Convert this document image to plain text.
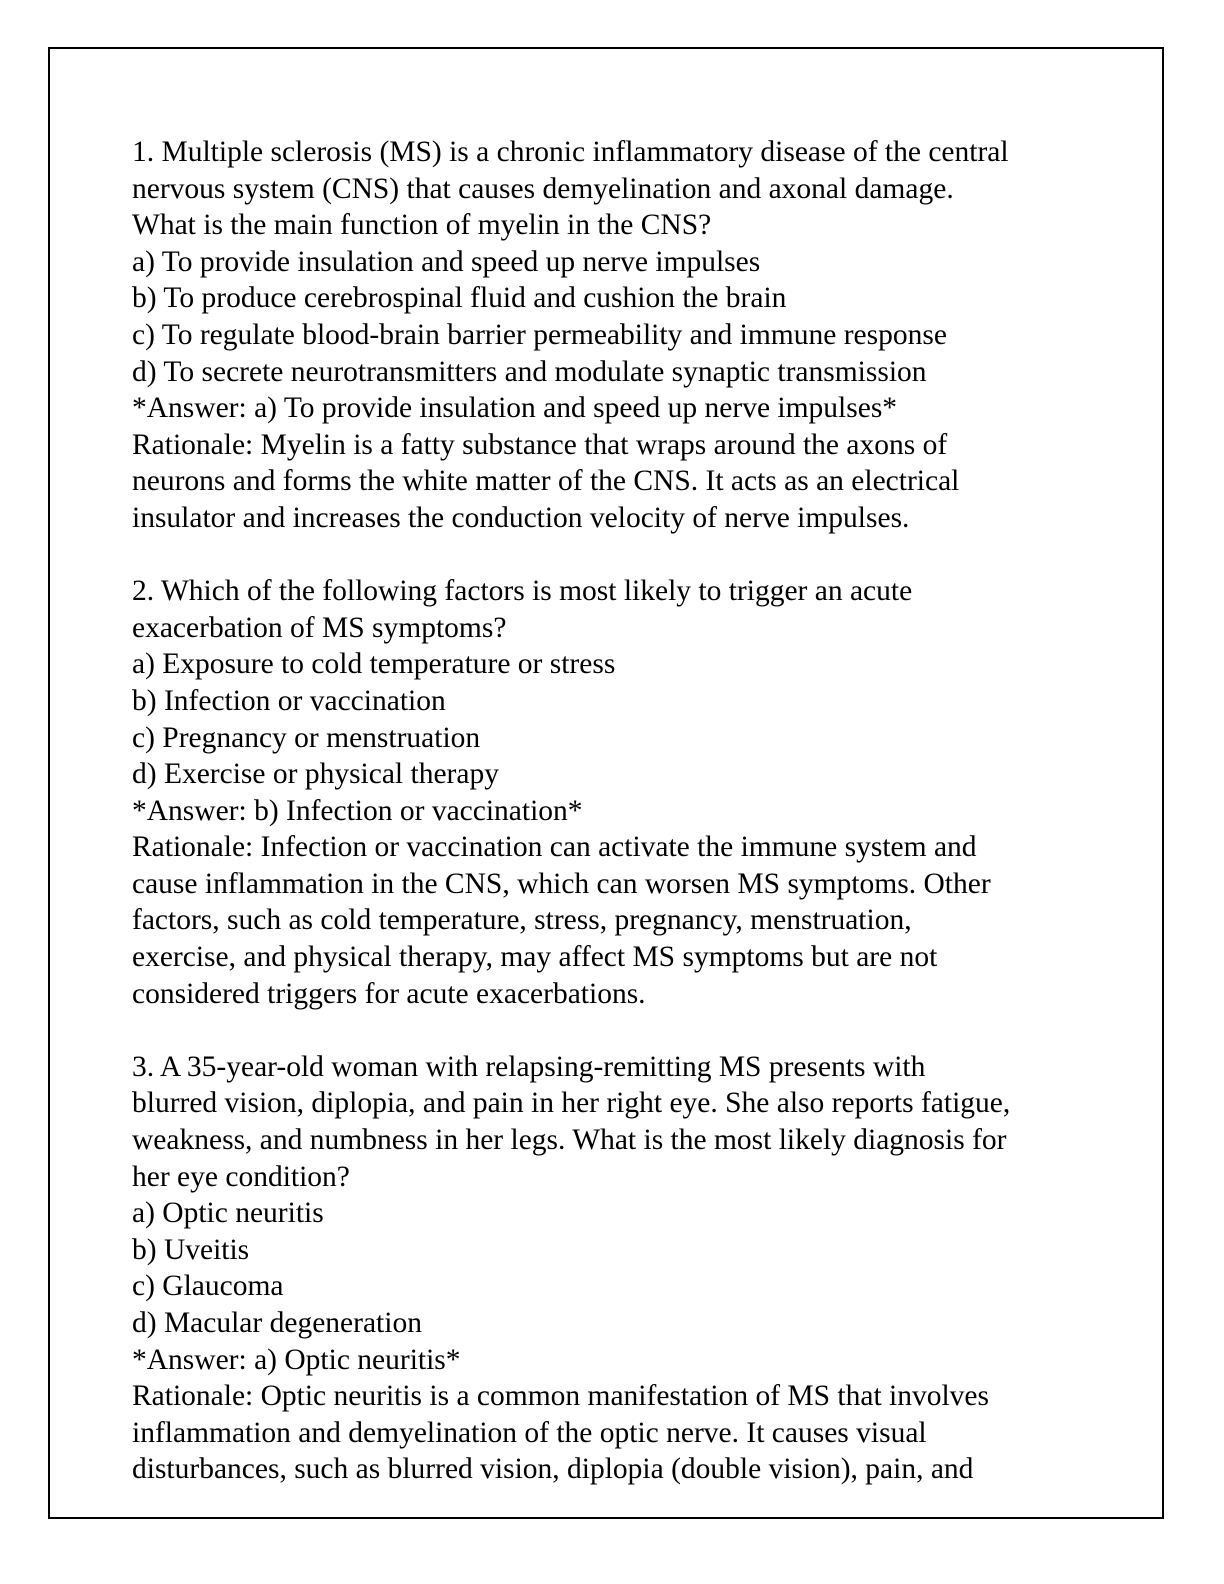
1. Multiple sclerosis (MS) is a chronic inflammatory disease of the central
nervous system (CNS) that causes demyelination and axonal damage.
What is the main function of myelin in the CNS?
a) To provide insulation and speed up nerve impulses
b) To produce cerebrospinal fluid and cushion the brain
c) To regulate blood-brain barrier permeability and immune response
d) To secrete neurotransmitters and modulate synaptic transmission
*Answer: a) To provide insulation and speed up nerve impulses*
Rationale: Myelin is a fatty substance that wraps around the axons of
neurons and forms the white matter of the CNS. It acts as an electrical
insulator and increases the conduction velocity of nerve impulses.
2. Which of the following factors is most likely to trigger an acute
exacerbation of MS symptoms?
a) Exposure to cold temperature or stress
b) Infection or vaccination
c) Pregnancy or menstruation
d) Exercise or physical therapy
*Answer: b) Infection or vaccination*
Rationale: Infection or vaccination can activate the immune system and
cause inflammation in the CNS, which can worsen MS symptoms. Other
factors, such as cold temperature, stress, pregnancy, menstruation,
exercise, and physical therapy, may affect MS symptoms but are not
considered triggers for acute exacerbations.
3. A 35-year-old woman with relapsing-remitting MS presents with
blurred vision, diplopia, and pain in her right eye. She also reports fatigue,
weakness, and numbness in her legs. What is the most likely diagnosis for
her eye condition?
a) Optic neuritis
b) Uveitis
c) Glaucoma
d) Macular degeneration
*Answer: a) Optic neuritis*
Rationale: Optic neuritis is a common manifestation of MS that involves
inflammation and demyelination of the optic nerve. It causes visual
disturbances, such as blurred vision, diplopia (double vision), pain, and
